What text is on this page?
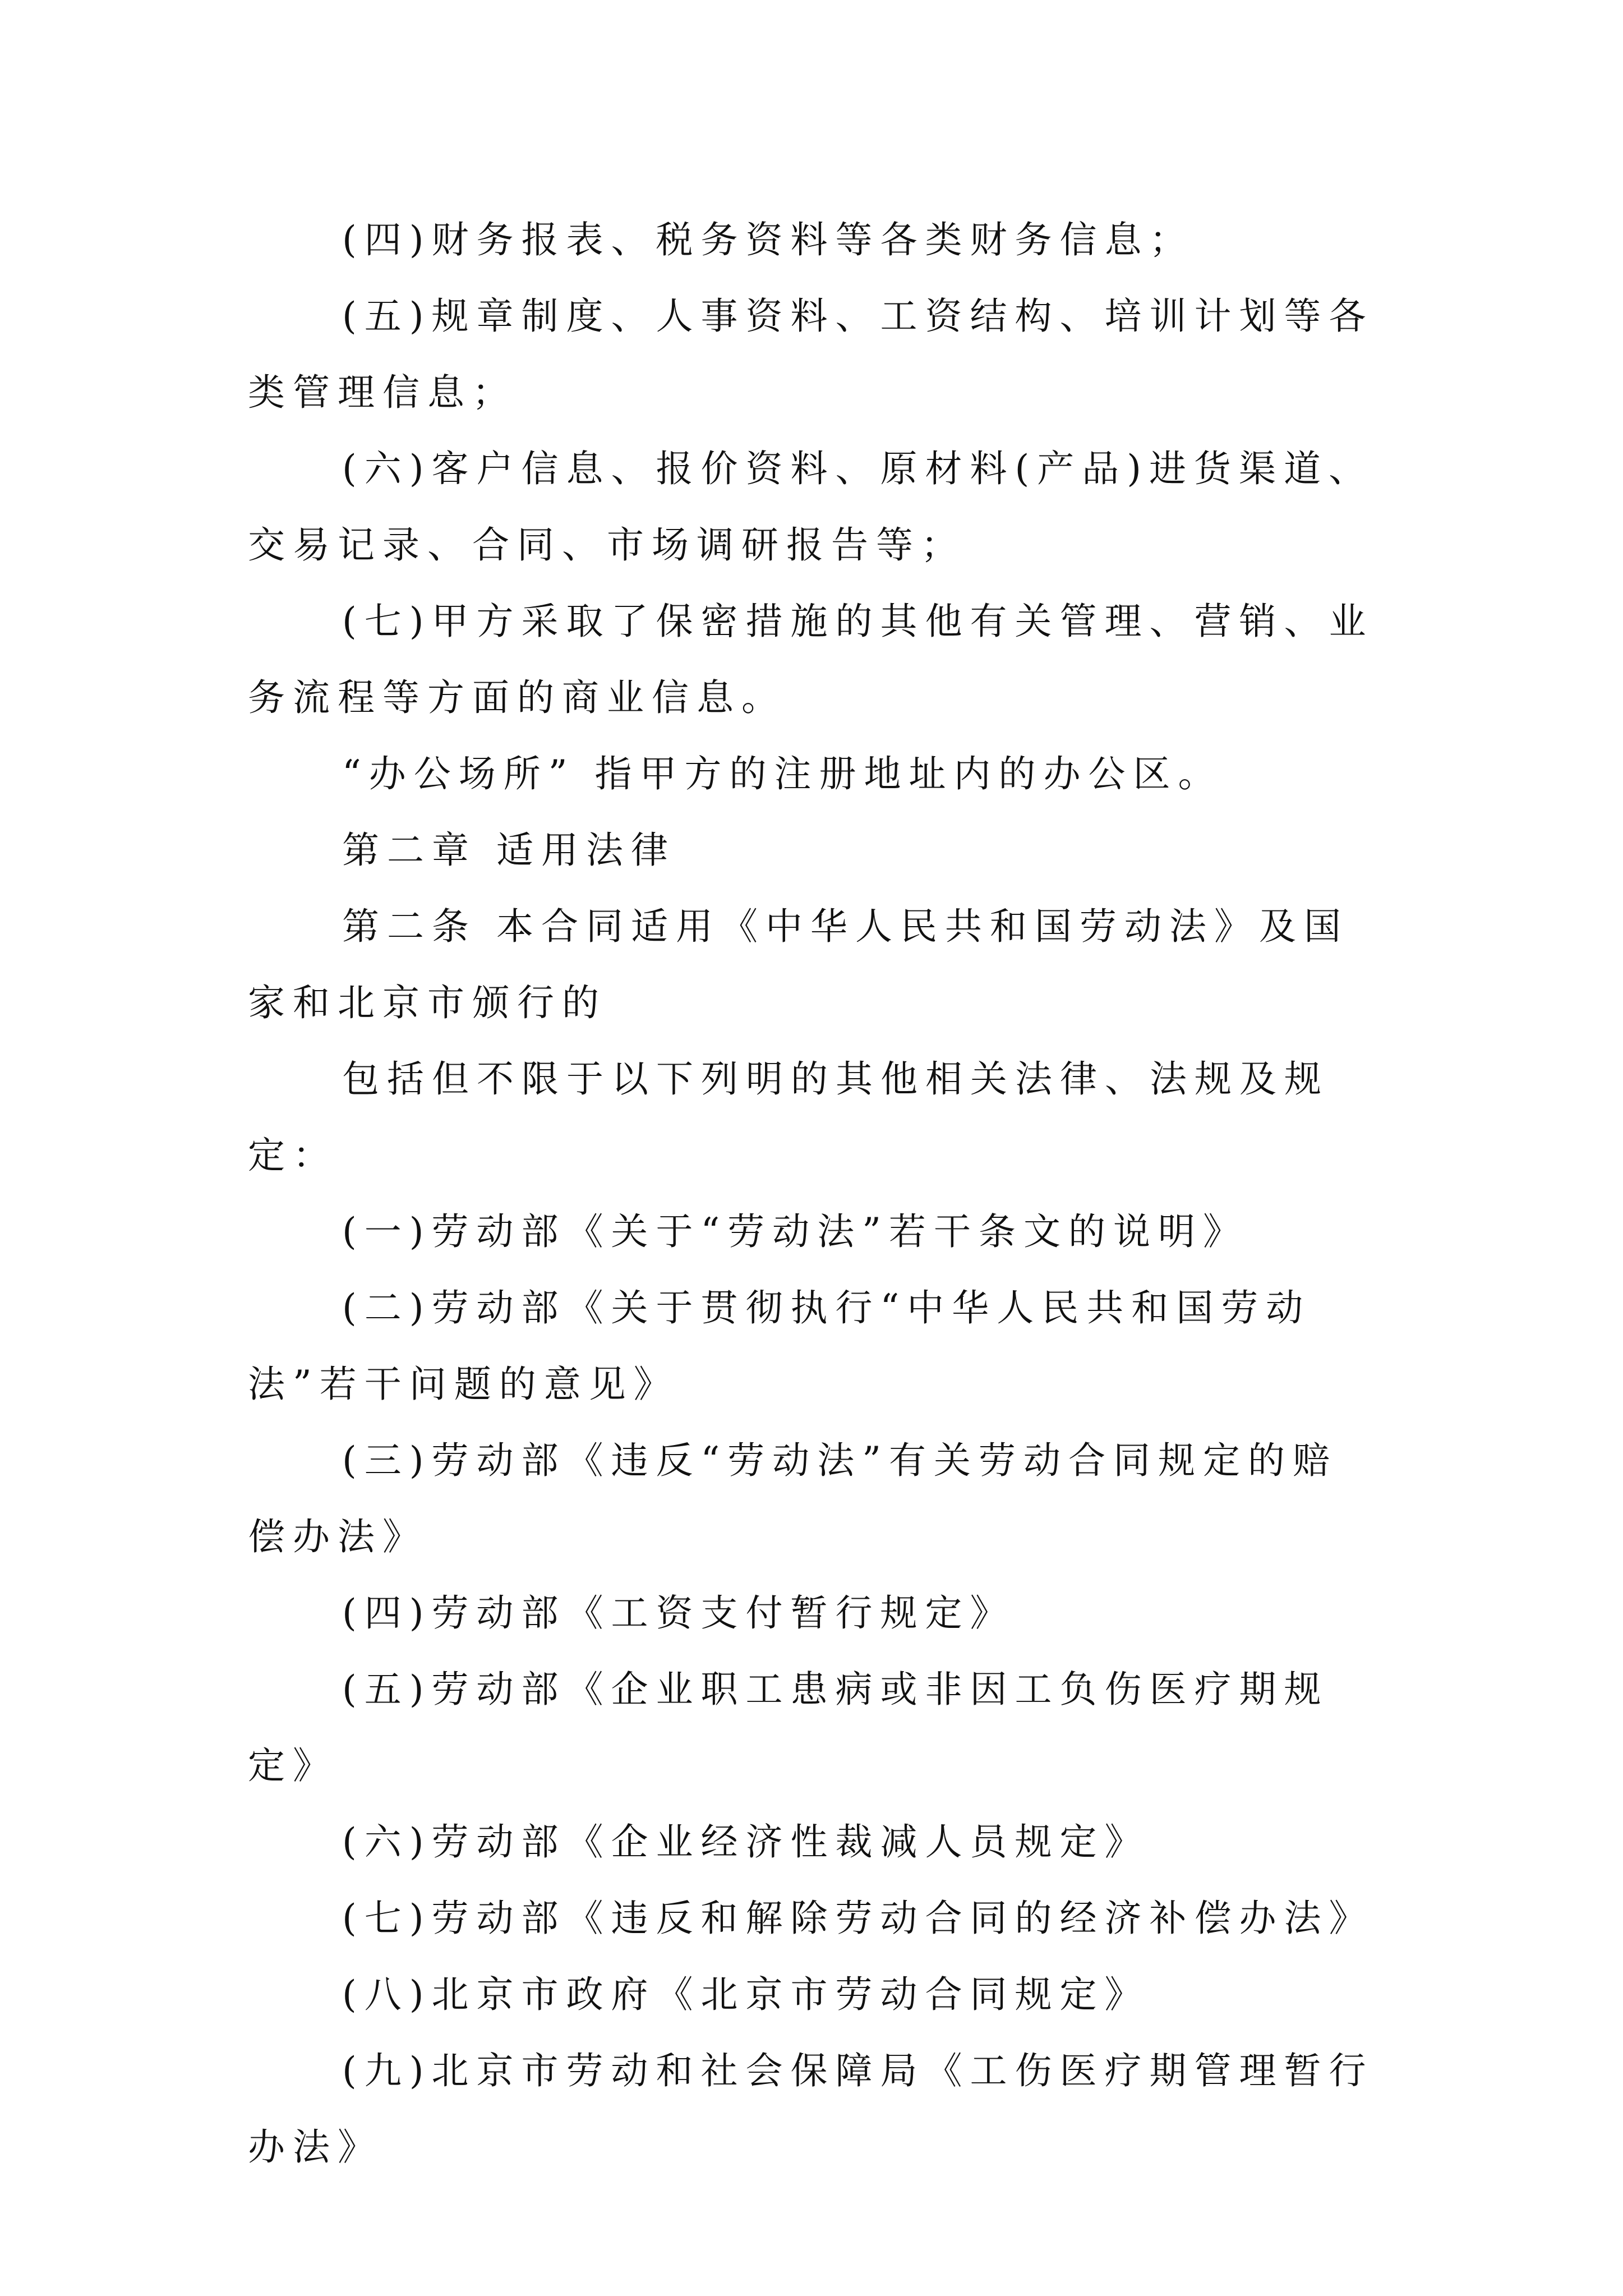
(四)财务报表、税务资料等各类财务信息；

(五)规章制度、人事资料、工资结构、培训计划等各类管理信息；

(六)客户信息、报价资料、原材料(产品)进货渠道、交易记录、合同、市场调研报告等；

(七)甲方采取了保密措施的其他有关管理、营销、业务流程等方面的商业信息。

“办公场所” 指甲方的注册地址内的办公区。

第二章 适用法律

第二条 本合同适用《中华人民共和国劳动法》及国家和北京市颁行的

包括但不限于以下列明的其他相关法律、法规及规定：

(一)劳动部《关于“劳动法”若干条文的说明》

(二)劳动部《关于贯彻执行“中华人民共和国劳动法”若干问题的意见》

(三)劳动部《违反“劳动法”有关劳动合同规定的赔偿办法》

(四)劳动部《工资支付暂行规定》

(五)劳动部《企业职工患病或非因工负伤医疗期规定》

(六)劳动部《企业经济性裁减人员规定》

(七)劳动部《违反和解除劳动合同的经济补偿办法》

(八)北京市政府《北京市劳动合同规定》

(九)北京市劳动和社会保障局《工伤医疗期管理暂行办法》
